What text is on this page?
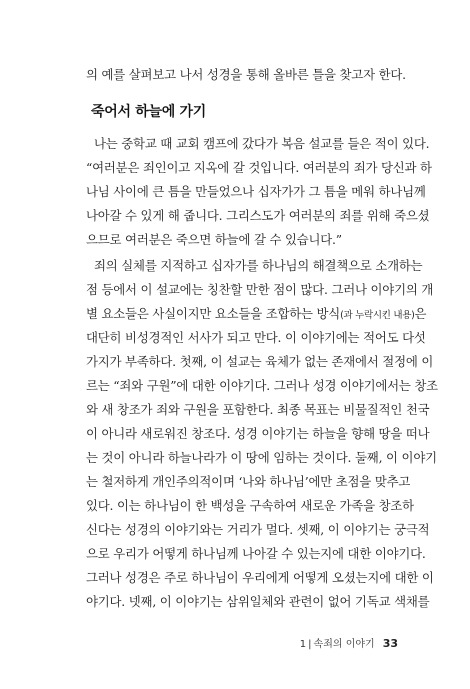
의 예를 살펴보고 나서 성경을 통해 올바른 틀을 찾고자 한다.
죽어서 하늘에 가기
나는 중학교 때 교회 캠프에 갔다가 복음 설교를 들은 적이 있다.
“여러분은 죄인이고 지옥에 갈 것입니다. 여러분의 죄가 당신과 하
나님 사이에 큰 틈을 만들었으나 십자가가 그 틈을 메워 하나님께
나아갈 수 있게 해 줍니다. 그리스도가 여러분의 죄를 위해 죽으셨
으므로 여러분은 죽으면 하늘에 갈 수 있습니다.”
죄의 실체를 지적하고 십자가를 하나님의 해결책으로 소개하는
점 등에서 이 설교에는 칭찬할 만한 점이 많다. 그러나 이야기의 개
별 요소들은 사실이지만 요소들을 조합하는 방식(과 누락시킨 내용)은
대단히 비성경적인 서사가 되고 만다. 이 이야기에는 적어도 다섯
가지가 부족하다. 첫째, 이 설교는 육체가 없는 존재에서 절정에 이
르는 “죄와 구원”에 대한 이야기다. 그러나 성경 이야기에서는 창조
와 새 창조가 죄와 구원을 포함한다. 최종 목표는 비물질적인 천국
이 아니라 새로워진 창조다. 성경 이야기는 하늘을 향해 땅을 떠나
는 것이 아니라 하늘나라가 이 땅에 임하는 것이다. 둘째, 이 이야기
는 철저하게 개인주의적이며 ‘나와 하나님’에만 초점을 맞추고
있다. 이는 하나님이 한 백성을 구속하여 새로운 가족을 창조하
신다는 성경의 이야기와는 거리가 멀다. 셋째, 이 이야기는 궁극적
으로 우리가 어떻게 하나님께 나아갈 수 있는지에 대한 이야기다.
그러나 성경은 주로 하나님이 우리에게 어떻게 오셨는지에 대한 이
야기다. 넷째, 이 이야기는 삼위일체와 관련이 없어 기독교 색채를
1 | 속죄의 이야기 33
